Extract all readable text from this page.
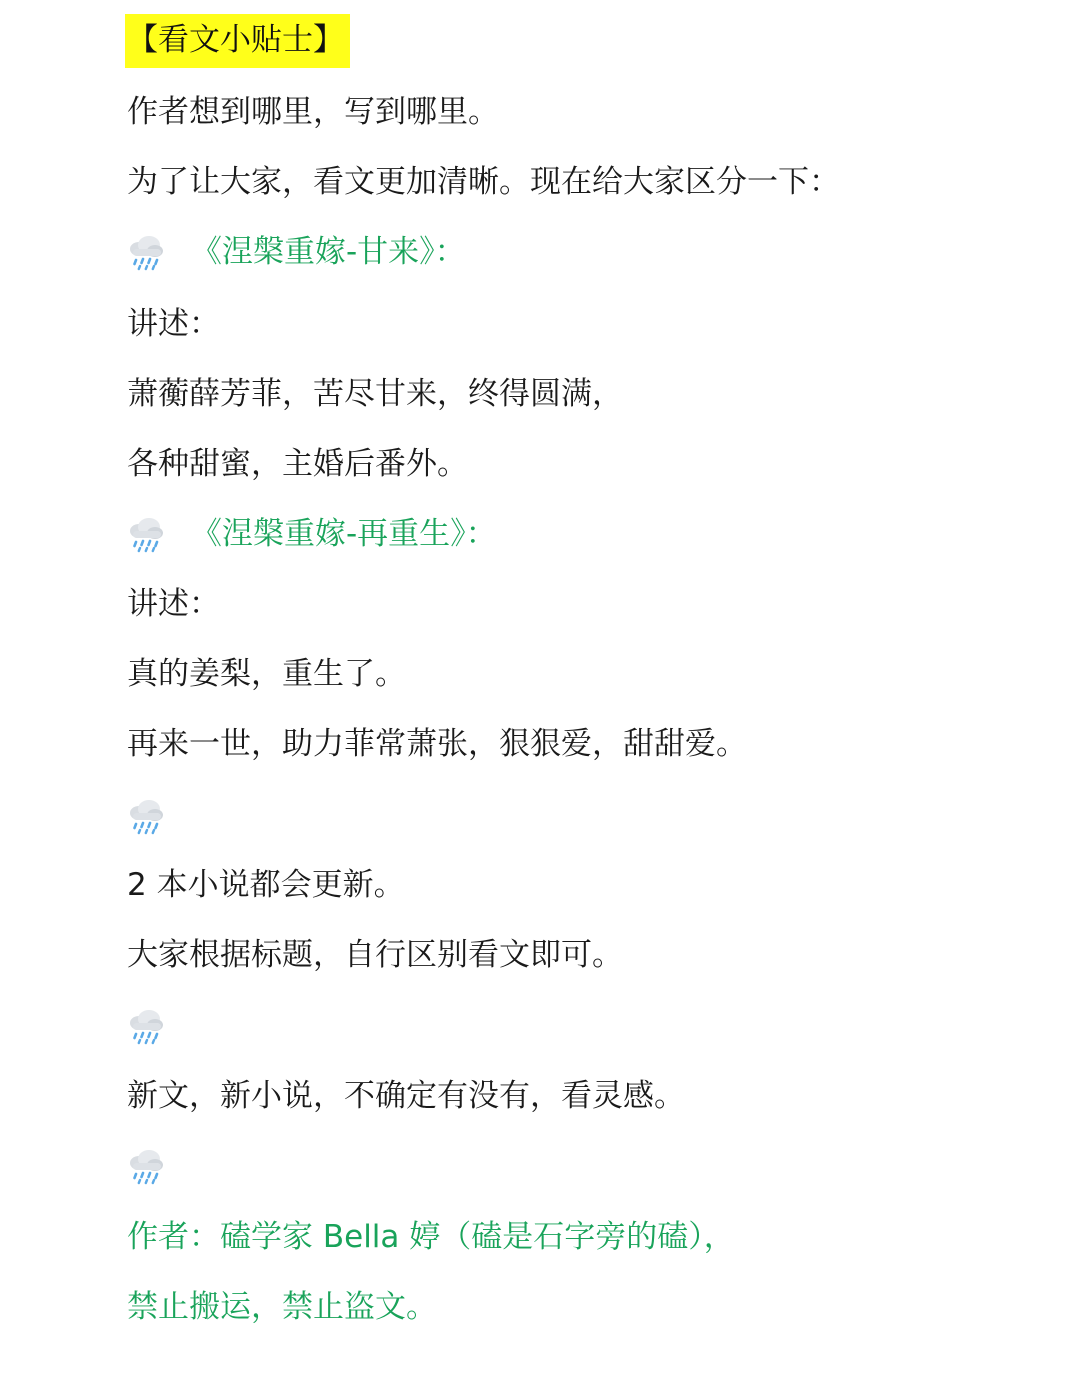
【看文小贴士】
作者想到哪里，写到哪里。
为了让大家，看文更加清晰。现在给大家区分一下：
《涅槃重嫁-甘来》：
讲述：
萧蘅薛芳菲，苦尽甘来，终得圆满，
各种甜蜜，主婚后番外。
《涅槃重嫁-再重生》：
讲述：
真的姜梨，重生了。
再来一世，助力菲常萧张，狠狠爱，甜甜爱。
2 本小说都会更新。
大家根据标题，自行区别看文即可。
新文，新小说，不确定有没有，看灵感。
作者：磕学家 Bella 婷（磕是石字旁的磕），
禁止搬运，禁止盗文。
